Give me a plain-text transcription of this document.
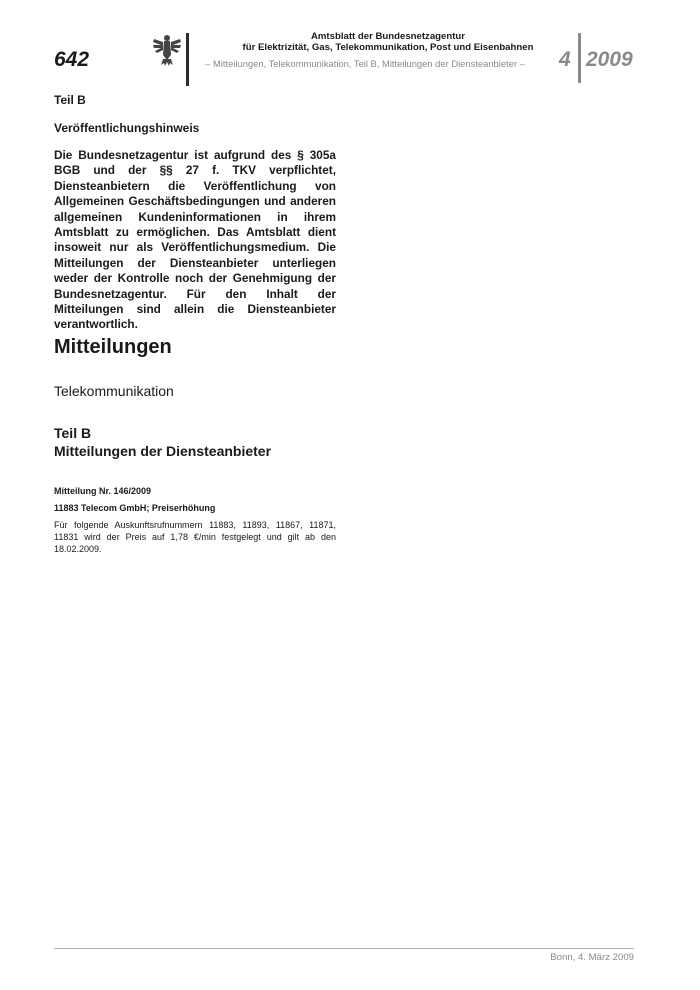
642
Amtsblatt der Bundesnetzagentur
für Elektrizität, Gas, Telekommunikation, Post und Eisenbahnen
– Mitteilungen, Telekommunikation, Teil B, Mitteilungen der Diensteanbieter –	4 2009
Teil B
Veröffentlichungshinweis

Die Bundesnetzagentur ist aufgrund des § 305a BGB und der §§ 27 f. TKV verpflichtet, Diensteanbietern die Veröffentlichung von Allgemeinen Geschäftsbedingungen und anderen allgemeinen Kundeninformationen in ihrem Amtsblatt zu ermöglichen. Das Amtsblatt dient insoweit nur als Veröffentlichungsmedium. Die Mitteilungen der Diensteanbieter unterliegen weder der Kontrolle noch der Genehmigung der Bundesnetzagentur. Für den Inhalt der Mitteilungen sind allein die Diensteanbieter verantwortlich.

Mitteilungen
Telekommunikation
Teil B
Mitteilungen der Diensteanbieter
Mitteilung Nr. 146/2009
11883 Telecom GmbH; Preiserhöhung

Für folgende Auskunftsrufnummern 11883, 11893, 11867, 11871, 11831 wird der Preis auf 1,78 €/min festgelegt und gilt ab den 18.02.2009.

Bonn, 4. März 2009
